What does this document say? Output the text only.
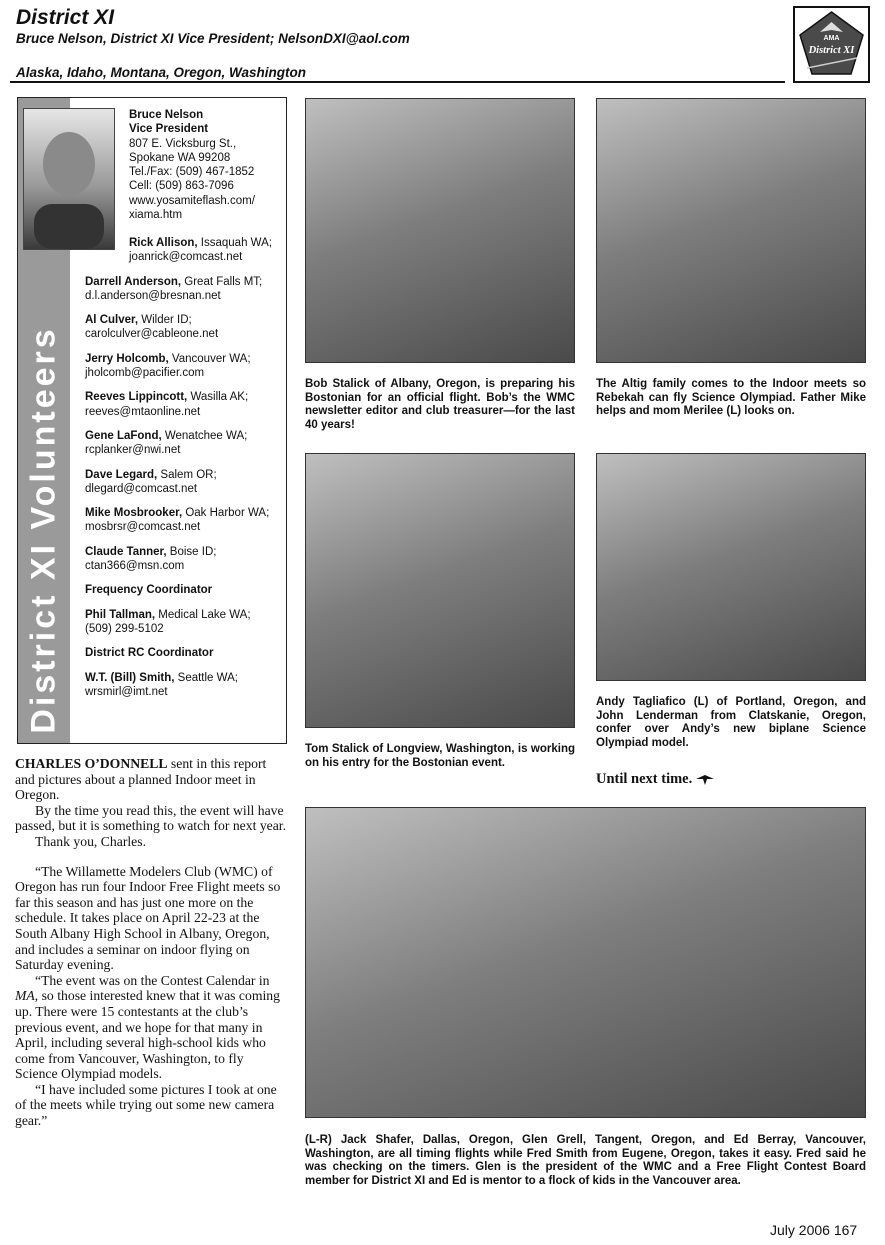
District XI
Bruce Nelson, District XI Vice President; NelsonDXI@aol.com
Alaska, Idaho, Montana, Oregon, Washington
AMA
District XI
District XI Volunteers
Bruce Nelson
Vice President
807 E. Vicksburg St.,
Spokane WA 99208
Tel./Fax: (509) 467-1852
Cell: (509) 863-7096
www.yosamiteflash.com/
xiama.htm
Rick Allison, Issaquah WA; joanrick@comcast.net
Darrell Anderson, Great Falls MT; d.l.anderson@bresnan.net
Al Culver, Wilder ID; carolculver@cableone.net
Jerry Holcomb, Vancouver WA; jholcomb@pacifier.com
Reeves Lippincott, Wasilla AK; reeves@mtaonline.net
Gene LaFond, Wenatchee WA; rcplanker@nwi.net
Dave Legard, Salem OR; dlegard@comcast.net
Mike Mosbrooker, Oak Harbor WA; mosbrsr@comcast.net
Claude Tanner, Boise ID; ctan366@msn.com
Frequency Coordinator
Phil Tallman, Medical Lake WA; (509) 299-5102
District RC Coordinator
W.T. (Bill) Smith, Seattle WA; wrsmirl@imt.net

CHARLES O’DONNELL sent in this report and pictures about a planned Indoor meet in Oregon.

By the time you read this, the event will have passed, but it is something to watch for next year.

Thank you, Charles.

“The Willamette Modelers Club (WMC) of Oregon has run four Indoor Free Flight meets so far this season and has just one more on the schedule. It takes place on April 22-23 at the South Albany High School in Albany, Oregon, and includes a seminar on indoor flying on Saturday evening.

“The event was on the Contest Calendar in MA, so those interested knew that it was coming up. There were 15 contestants at the club’s previous event, and we hope for that many in April, including several high-school kids who come from Vancouver, Washington, to fly Science Olympiad models.

“I have included some pictures I took at one of the meets while trying out some new camera gear.”

Bob Stalick of Albany, Oregon, is preparing his Bostonian for an official flight. Bob’s the WMC newsletter editor and club treasurer—for the last 40 years!
The Altig family comes to the Indoor meets so Rebekah can fly Science Olympiad. Father Mike helps and mom Merilee (L) looks on.
Tom Stalick of Longview, Washington, is working on his entry for the Bostonian event.
Andy Tagliafico (L) of Portland, Oregon, and John Lenderman from Clatskanie, Oregon, confer over Andy’s new biplane Science Olympiad model.
Until next time.
(L-R) Jack Shafer, Dallas, Oregon, Glen Grell, Tangent, Oregon, and Ed Berray, Vancouver, Washington, are all timing flights while Fred Smith from Eugene, Oregon, takes it easy. Fred said he was checking on the timers. Glen is the president of the WMC and a Free Flight Contest Board member for District XI and Ed is mentor to a flock of kids in the Vancouver area.
July 2006 167
